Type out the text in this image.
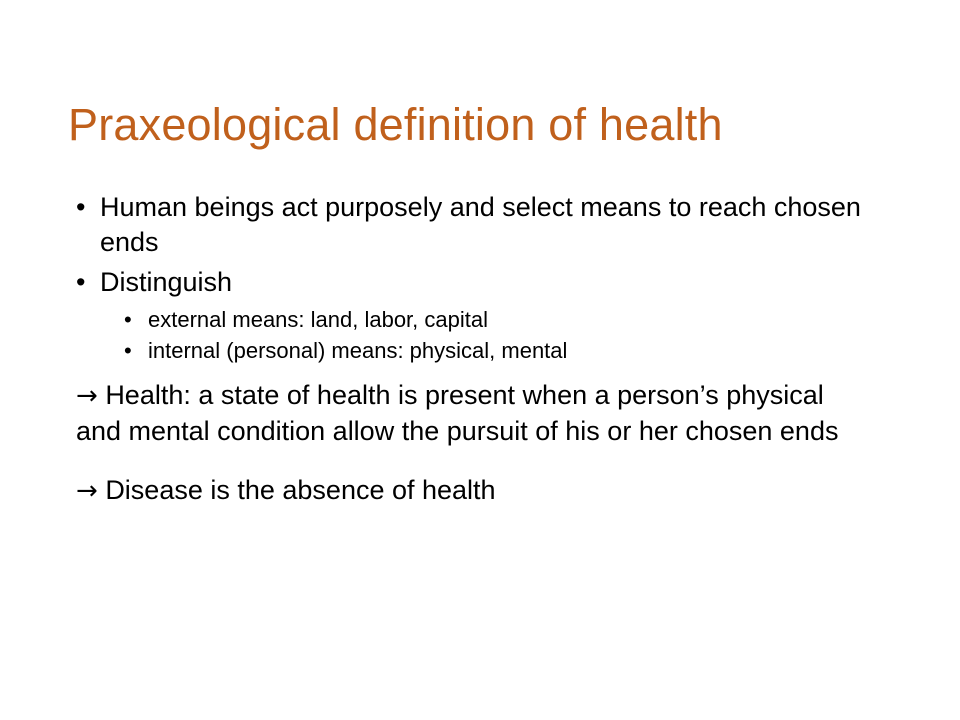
Praxeological definition of health
• Human beings act purposely and select means to reach chosen ends
• Distinguish
• external means: land, labor, capital
• internal (personal) means: physical, mental
→ Health: a state of health is present when a person’s physical and mental condition allow the pursuit of his or her chosen ends
→ Disease is the absence of health
